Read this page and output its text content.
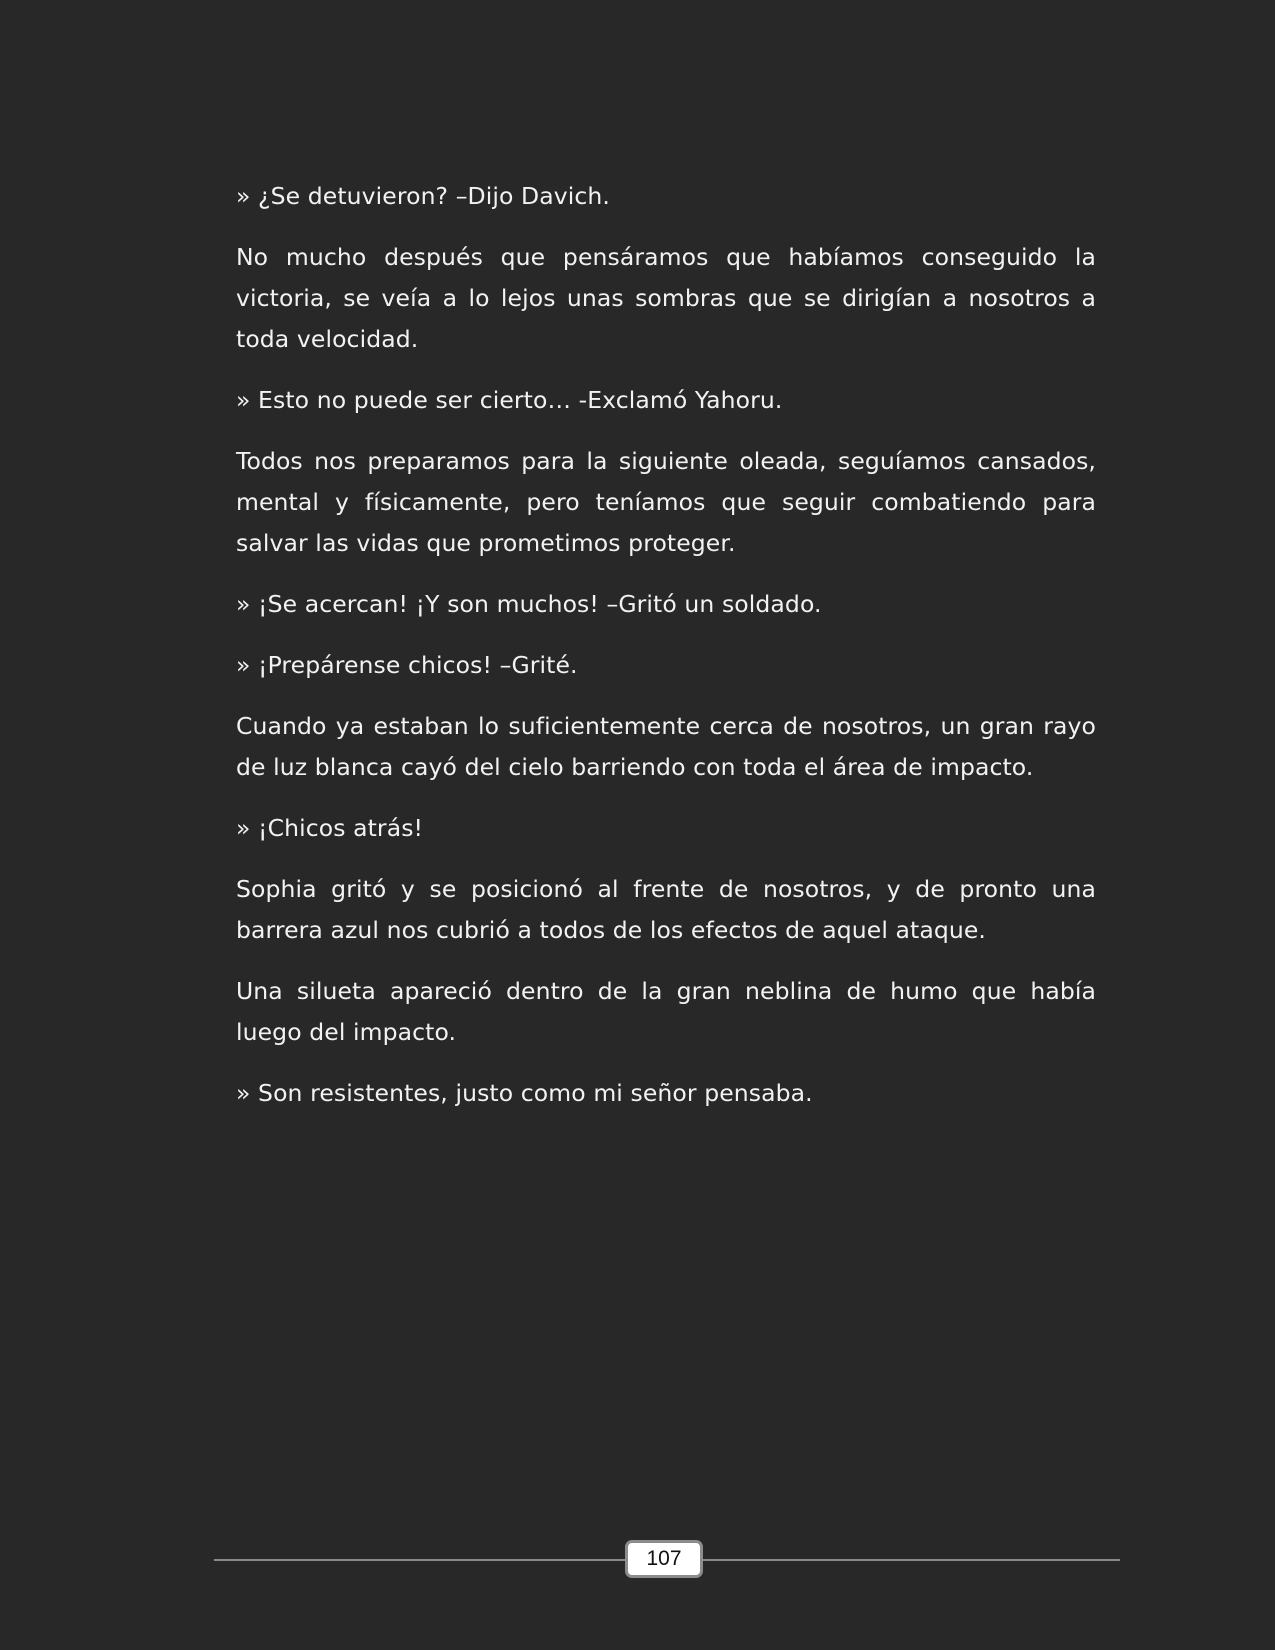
» ¿Se detuvieron? –Dijo Davich.

No mucho después que pensáramos que habíamos conseguido la victoria, se veía a lo lejos unas sombras que se dirigían a nosotros a toda velocidad.

» Esto no puede ser cierto… -Exclamó Yahoru.

Todos nos preparamos para la siguiente oleada, seguíamos cansados, mental y físicamente, pero teníamos que seguir combatiendo para salvar las vidas que prometimos proteger.

» ¡Se acercan! ¡Y son muchos! –Gritó un soldado.

» ¡Prepárense chicos! –Grité.

Cuando ya estaban lo suficientemente cerca de nosotros, un gran rayo de luz blanca cayó del cielo barriendo con toda el área de impacto.

» ¡Chicos atrás!

Sophia gritó y se posicionó al frente de nosotros, y de pronto una barrera azul nos cubrió a todos de los efectos de aquel ataque.

Una silueta apareció dentro de la gran neblina de humo que había luego del impacto.

» Son resistentes, justo como mi señor pensaba.

107
